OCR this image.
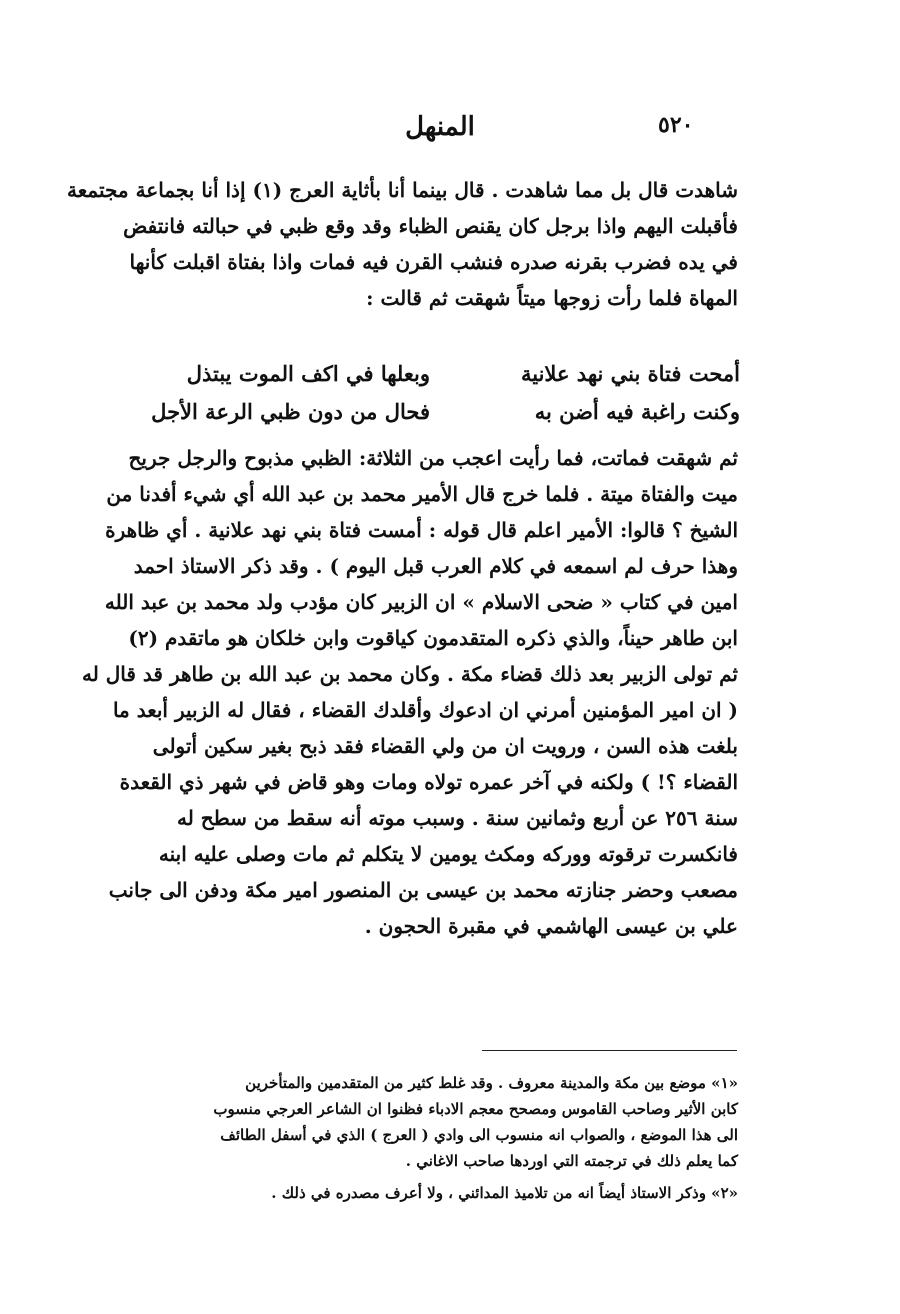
٥٢٠
المنهل
شاهدت قال بل مما شاهدت . قال بينما أنا بأثاية العرج (١) إذا أنا بجماعة مجتمعة
فأقبلت اليهم واذا برجل كان يقنص الظباء وقد وقع ظبي في حبالته فانتفض
في يده فضرب بقرنه صدره فنشب القرن فيه فمات واذا بفتاة اقبلت كأنها
المهاة فلما رأت زوجها ميتاً شهقت ثم قالت :
أمحت فتاة بني نهد علانية
وبعلها في اكف الموت يبتذل
وكنت راغبة فيه أضن به
فحال من دون ظبي الرعة الأجل
ثم شهقت فماتت، فما رأيت اعجب من الثلاثة: الظبي مذبوح والرجل جريح
ميت والفتاة ميتة . فلما خرج قال الأمير محمد بن عبد الله أي شيء أفدنا من
الشيخ ؟ قالوا: الأمير اعلم قال قوله : أمست فتاة بني نهد علانية . أي ظاهرة
وهذا حرف لم اسمعه في كلام العرب قبل اليوم ) . وقد ذكر الاستاذ احمد
امين في كتاب « ضحى الاسلام » ان الزبير كان مؤدب ولد محمد بن عبد الله
ابن طاهر حيناً، والذي ذكره المتقدمون كياقوت وابن خلكان هو ماتقدم (٢)
ثم تولى الزبير بعد ذلك قضاء مكة . وكان محمد بن عبد الله بن طاهر قد قال له
( ان امير المؤمنين أمرني ان ادعوك وأقلدك القضاء ، فقال له الزبير أبعد ما
بلغت هذه السن ، ورويت ان من ولي القضاء فقد ذبح بغير سكين أتولى
القضاء ؟! ) ولكنه في آخر عمره تولاه ومات وهو قاض في شهر ذي القعدة
سنة ٢٥٦ عن أربع وثمانين سنة . وسبب موته أنه سقط من سطح له
فانكسرت ترقوته ووركه ومكث يومين لا يتكلم ثم مات وصلى عليه ابنه
مصعب وحضر جنازته محمد بن عيسى بن المنصور امير مكة ودفن الى جانب
علي بن عيسى الهاشمي في مقبرة الحجون .
«١» موضع بين مكة والمدينة معروف . وقد غلط كثير من المتقدمين والمتأخرين
كابن الأثير وصاحب القاموس ومصحح معجم الادباء فظنوا ان الشاعر العرجي منسوب
الى هذا الموضع ، والصواب انه منسوب الى وادي ( العرج ) الذي في أسفل الطائف
كما يعلم ذلك في ترجمته التي اوردها صاحب الاغاني .
«٢» وذكر الاستاذ أيضاً انه من تلاميذ المدائني ، ولا أعرف مصدره في ذلك .
